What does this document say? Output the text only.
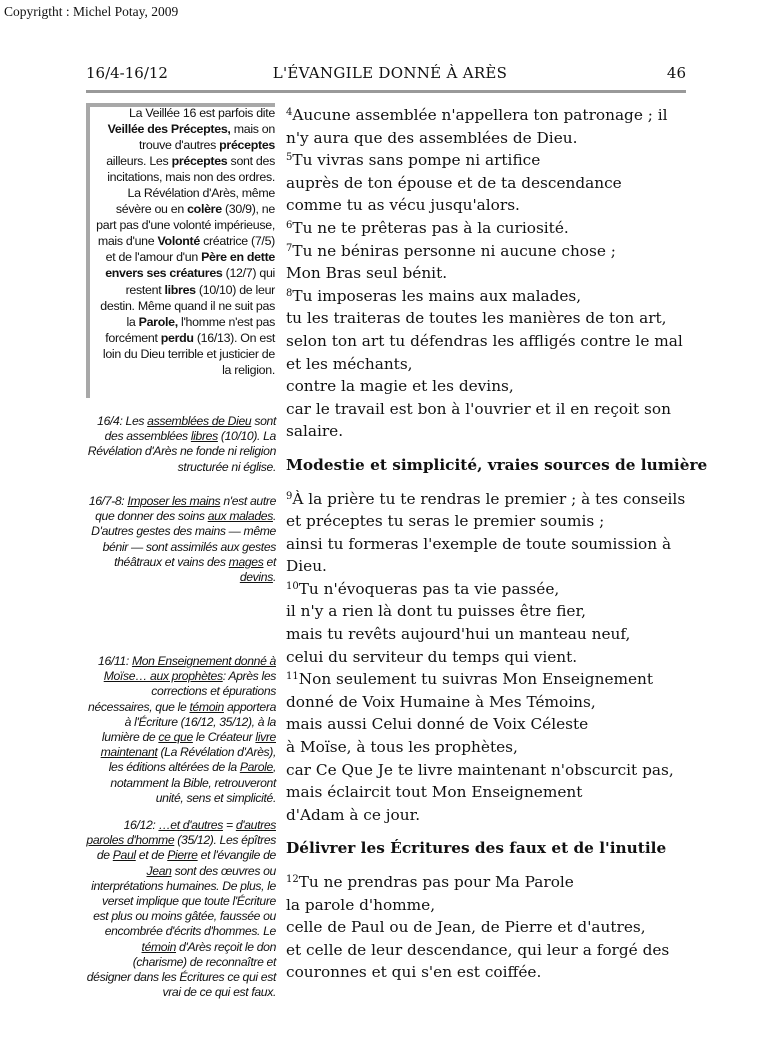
Copyrigtht : Michel Potay, 2009
16/4-16/12	L'ÉVANGILE DONNÉ À ARÈS	46
La Veillée 16 est parfois dite Veillée des Préceptes, mais on trouve d'autres préceptes ailleurs. Les préceptes sont des incitations, mais non des ordres. La Révélation d'Arès, même sévère ou en colère (30/9), ne part pas d'une volonté impérieuse, mais d'une Volonté créatrice (7/5) et de l'amour d'un Père en dette envers ses créatures (12/7) qui restent libres (10/10) de leur destin. Même quand il ne suit pas la Parole, l'homme n'est pas forcément perdu (16/13). On est loin du Dieu terrible et justicier de la religion.
16/4: Les assemblées de Dieu sont des assemblées libres (10/10). La Révélation d'Arès ne fonde ni religion structurée ni église.
16/7-8: Imposer les mains n'est autre que donner des soins aux malades. D'autres gestes des mains — même bénir — sont assimilés aux gestes théâtraux et vains des mages et devins.
16/11: Mon Enseignement donné à Moïse… aux prophètes: Après les corrections et épurations nécessaires, que le témoin apportera à l'Écriture (16/12, 35/12), à la lumière de ce que le Créateur livre maintenant (La Révélation d'Arès), les éditions altérées de la Parole, notamment la Bible, retrouveront unité, sens et simplicité.
16/12: …et d'autres = d'autres paroles d'homme (35/12). Les épîtres de Paul et de Pierre et l'évangile de Jean sont des œuvres ou interprétations humaines. De plus, le verset implique que toute l'Écriture est plus ou moins gâtée, faussée ou encombrée d'écrits d'hommes. Le témoin d'Arès reçoit le don (charisme) de reconnaître et désigner dans les Écritures ce qui est vrai de ce qui est faux.
$^4$Aucune assemblée n'appellera ton patronage ; il
n'y aura que des assemblées de Dieu.
$^5$Tu vivras sans pompe ni artifice
auprès de ton épouse et de ta descendance
comme tu as vécu jusqu'alors.
$^6$Tu ne te prêteras pas à la curiosité.
$^7$Tu ne béniras personne ni aucune chose ;
Mon Bras seul bénit.
$^8$Tu imposeras les mains aux malades,
tu les traiteras de toutes les manières de ton art,
selon ton art tu défendras les affligés contre le mal
et les méchants,
contre la magie et les devins,
car le travail est bon à l'ouvrier et il en reçoit son
salaire.
Modestie et simplicité, vraies sources de lumière
$^9$À la prière tu te rendras le premier ; à tes conseils
et préceptes tu seras le premier soumis ;
ainsi tu formeras l'exemple de toute soumission à
Dieu.
$^{10}$Tu n'évoqueras pas ta vie passée,
il n'y a rien là dont tu puisses être fier,
mais tu revêts aujourd'hui un manteau neuf,
celui du serviteur du temps qui vient.
$^{11}$Non seulement tu suivras Mon Enseignement
donné de Voix Humaine à Mes Témoins,
mais aussi Celui donné de Voix Céleste
à Moïse, à tous les prophètes,
car Ce Que Je te livre maintenant n'obscurcit pas,
mais éclaircit tout Mon Enseignement
d'Adam à ce jour.
Délivrer les Écritures des faux et de l'inutile
$^{12}$Tu ne prendras pas pour Ma Parole
la parole d'homme,
celle de Paul ou de Jean, de Pierre et d'autres,
et celle de leur descendance, qui leur a forgé des
couronnes et qui s'en est coiffée.
